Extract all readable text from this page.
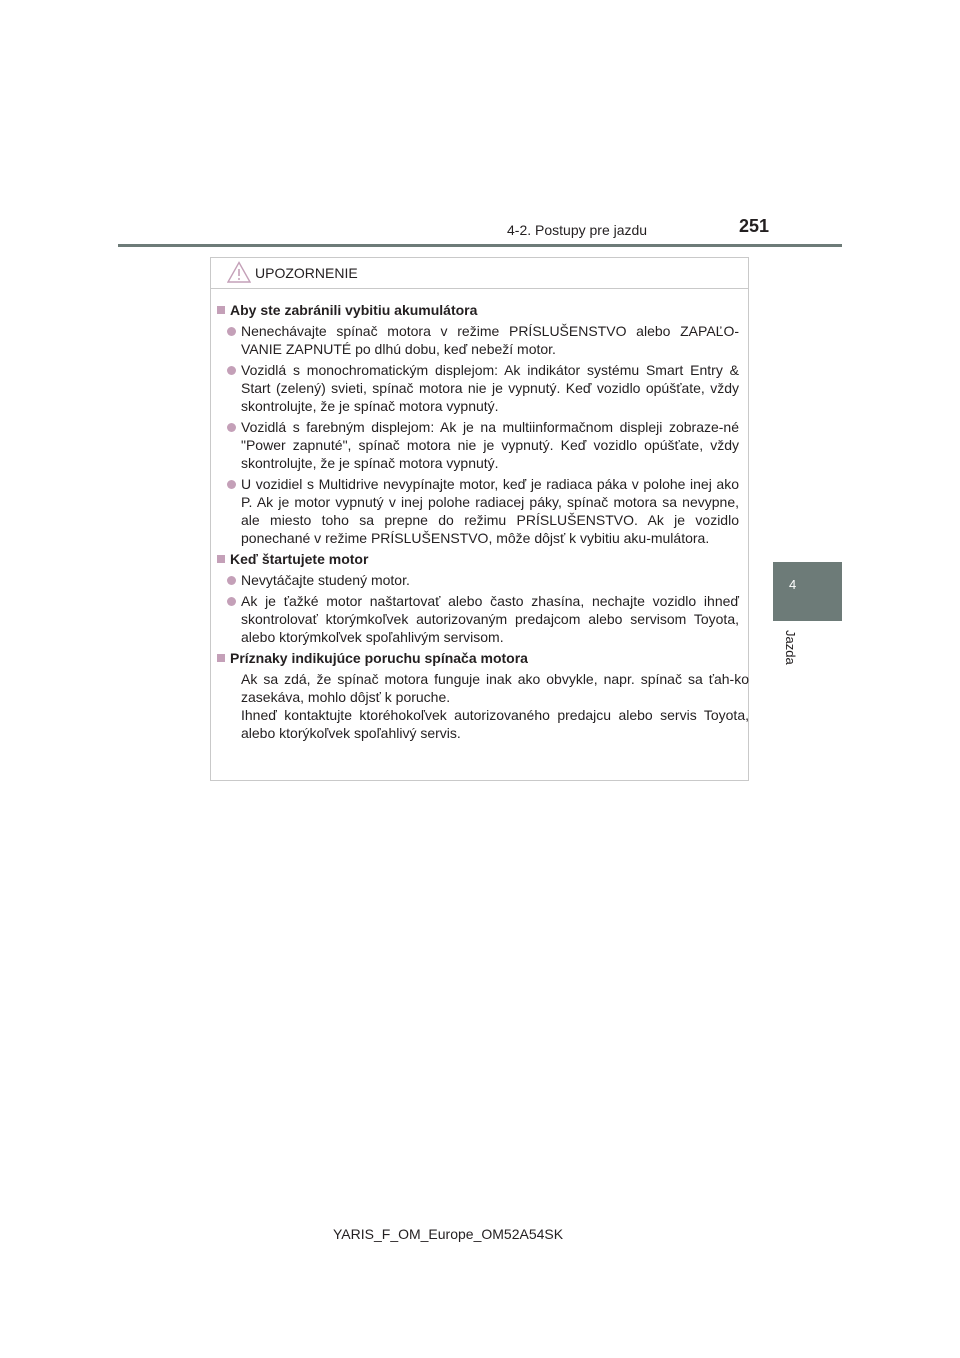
4-2. Postupy pre jazdu	251
4
Jazda
UPOZORNENIE
Aby ste zabránili vybitiu akumulátora
Nenechávajte spínač motora v režime PRÍSLUŠENSTVO alebo ZAPAĽO-VANIE ZAPNUTÉ po dlhú dobu, keď nebeží motor.
Vozidlá s monochromatickým displejom: Ak indikátor systému Smart Entry & Start (zelený) svieti, spínač motora nie je vypnutý. Keď vozidlo opúšťate, vždy skontrolujte, že je spínač motora vypnutý.
Vozidlá s farebným displejom: Ak je na multiinformačnom displeji zobraze-né "Power zapnuté", spínač motora nie je vypnutý. Keď vozidlo opúšťate, vždy skontrolujte, že je spínač motora vypnutý.
U vozidiel s Multidrive nevypínajte motor, keď je radiaca páka v polohe inej ako P. Ak je motor vypnutý v inej polohe radiacej páky, spínač motora sa nevypne, ale miesto toho sa prepne do režimu PRÍSLUŠENSTVO. Ak je vozidlo ponechané v režime PRÍSLUŠENSTVO, môže dôjsť k vybitiu aku-mulátora.
Keď štartujete motor
Nevytáčajte studený motor.
Ak je ťažké motor naštartovať alebo často zhasína, nechajte vozidlo ihneď skontrolovať ktorýmkoľvek autorizovaným predajcom alebo servisom Toyota, alebo ktorýmkoľvek spoľahlivým servisom.
Príznaky indikujúce poruchu spínača motora
Ak sa zdá, že spínač motora funguje inak ako obvykle, napr. spínač sa ťah-ko zasekáva, mohlo dôjsť k poruche.
Ihneď kontaktujte ktoréhokoľvek autorizovaného predajcu alebo servis Toyota, alebo ktorýkoľvek spoľahlivý servis.
YARIS_F_OM_Europe_OM52A54SK
